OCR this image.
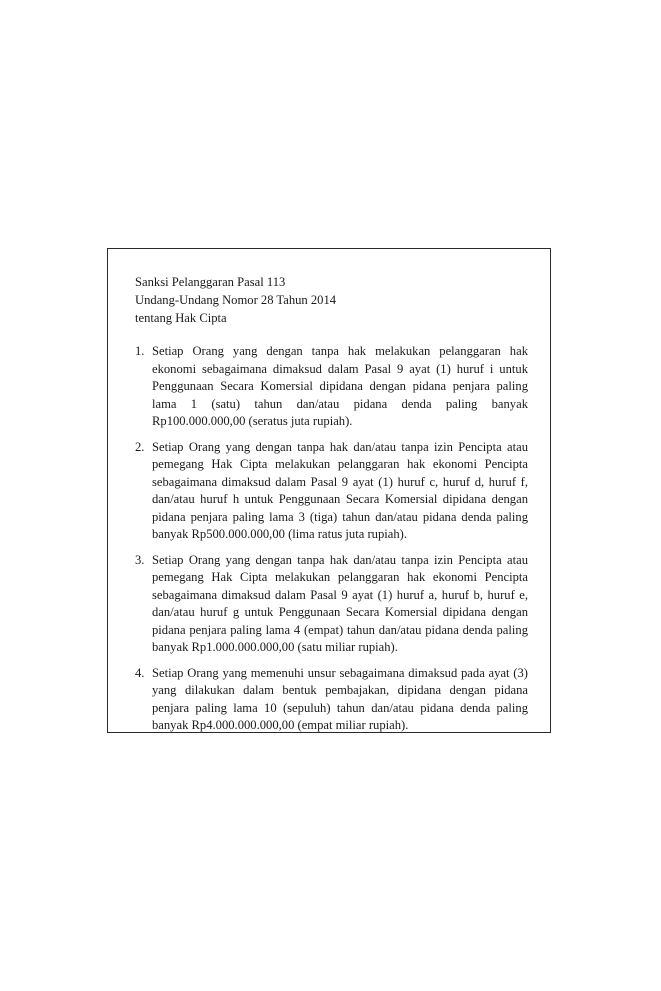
Sanksi Pelanggaran Pasal 113
Undang-Undang Nomor 28 Tahun 2014
tentang Hak Cipta
1. Setiap Orang yang dengan tanpa hak melakukan pelanggaran hak ekonomi sebagaimana dimaksud dalam Pasal 9 ayat (1) huruf i untuk Penggunaan Secara Komersial dipidana dengan pidana penjara paling lama 1 (satu) tahun dan/atau pidana denda paling banyak Rp100.000.000,00 (seratus juta rupiah).

2. Setiap Orang yang dengan tanpa hak dan/atau tanpa izin Pencipta atau pemegang Hak Cipta melakukan pelanggaran hak ekonomi Pencipta sebagaimana dimaksud dalam Pasal 9 ayat (1) huruf c, huruf d, huruf f, dan/atau huruf h untuk Penggunaan Secara Komersial dipidana dengan pidana penjara paling lama 3 (tiga) tahun dan/atau pidana denda paling banyak Rp500.000.000,00 (lima ratus juta rupiah).

3. Setiap Orang yang dengan tanpa hak dan/atau tanpa izin Pencipta atau pemegang Hak Cipta melakukan pelanggaran hak ekonomi Pencipta sebagaimana dimaksud dalam Pasal 9 ayat (1) huruf a, huruf b, huruf e, dan/atau huruf g untuk Penggunaan Secara Komersial dipidana dengan pidana penjara paling lama 4 (empat) tahun dan/atau pidana denda paling banyak Rp1.000.000.000,00 (satu miliar rupiah).

4. Setiap Orang yang memenuhi unsur sebagaimana dimaksud pada ayat (3) yang dilakukan dalam bentuk pembajakan, dipidana dengan pidana penjara paling lama 10 (sepuluh) tahun dan/atau pidana denda paling banyak Rp4.000.000.000,00 (empat miliar rupiah).
